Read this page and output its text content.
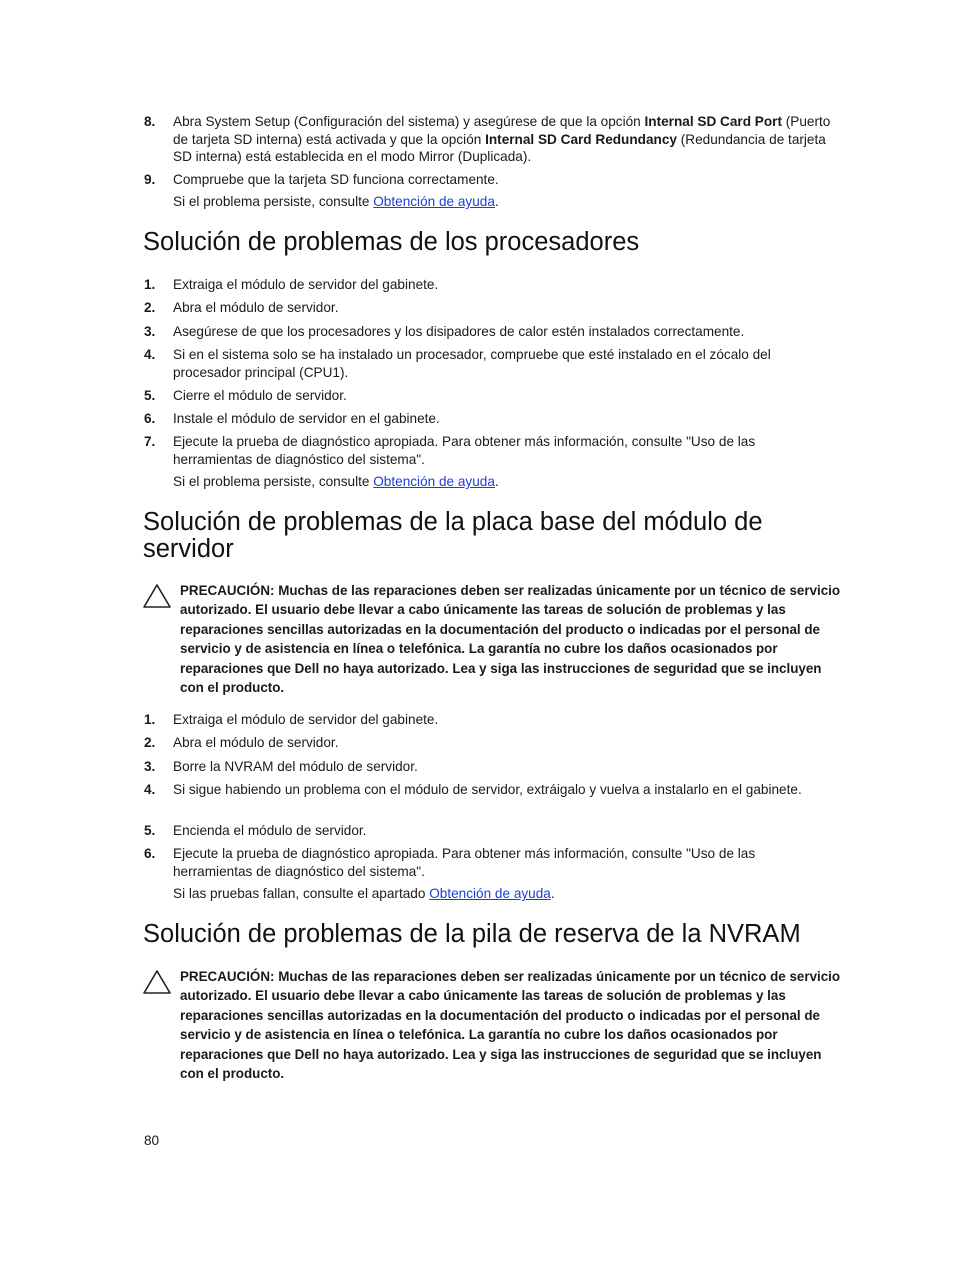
8.	Abra System Setup (Configuración del sistema) y asegúrese de que la opción Internal SD Card Port (Puerto de tarjeta SD interna) está activada y que la opción Internal SD Card Redundancy (Redundancia de tarjeta SD interna) está establecida en el modo Mirror (Duplicada).
9.	Compruebe que la tarjeta SD funciona correctamente.
Si el problema persiste, consulte Obtención de ayuda.
Solución de problemas de los procesadores
1.	Extraiga el módulo de servidor del gabinete.
2.	Abra el módulo de servidor.
3.	Asegúrese de que los procesadores y los disipadores de calor estén instalados correctamente.
4.	Si en el sistema solo se ha instalado un procesador, compruebe que esté instalado en el zócalo del procesador principal (CPU1).
5.	Cierre el módulo de servidor.
6.	Instale el módulo de servidor en el gabinete.
7.	Ejecute la prueba de diagnóstico apropiada. Para obtener más información, consulte "Uso de las herramientas de diagnóstico del sistema".
Si el problema persiste, consulte Obtención de ayuda.
Solución de problemas de la placa base del módulo de servidor
PRECAUCIÓN: Muchas de las reparaciones deben ser realizadas únicamente por un técnico de servicio autorizado. El usuario debe llevar a cabo únicamente las tareas de solución de problemas y las reparaciones sencillas autorizadas en la documentación del producto o indicadas por el personal de servicio y de asistencia en línea o telefónica. La garantía no cubre los daños ocasionados por reparaciones que Dell no haya autorizado. Lea y siga las instrucciones de seguridad que se incluyen con el producto.
1.	Extraiga el módulo de servidor del gabinete.
2.	Abra el módulo de servidor.
3.	Borre la NVRAM del módulo de servidor.
4.	Si sigue habiendo un problema con el módulo de servidor, extráigalo y vuelva a instalarlo en el gabinete.
5.	Encienda el módulo de servidor.
6.	Ejecute la prueba de diagnóstico apropiada. Para obtener más información, consulte "Uso de las herramientas de diagnóstico del sistema".
Si las pruebas fallan, consulte el apartado Obtención de ayuda.
Solución de problemas de la pila de reserva de la NVRAM
PRECAUCIÓN: Muchas de las reparaciones deben ser realizadas únicamente por un técnico de servicio autorizado. El usuario debe llevar a cabo únicamente las tareas de solución de problemas y las reparaciones sencillas autorizadas en la documentación del producto o indicadas por el personal de servicio y de asistencia en línea o telefónica. La garantía no cubre los daños ocasionados por reparaciones que Dell no haya autorizado. Lea y siga las instrucciones de seguridad que se incluyen con el producto.
80
